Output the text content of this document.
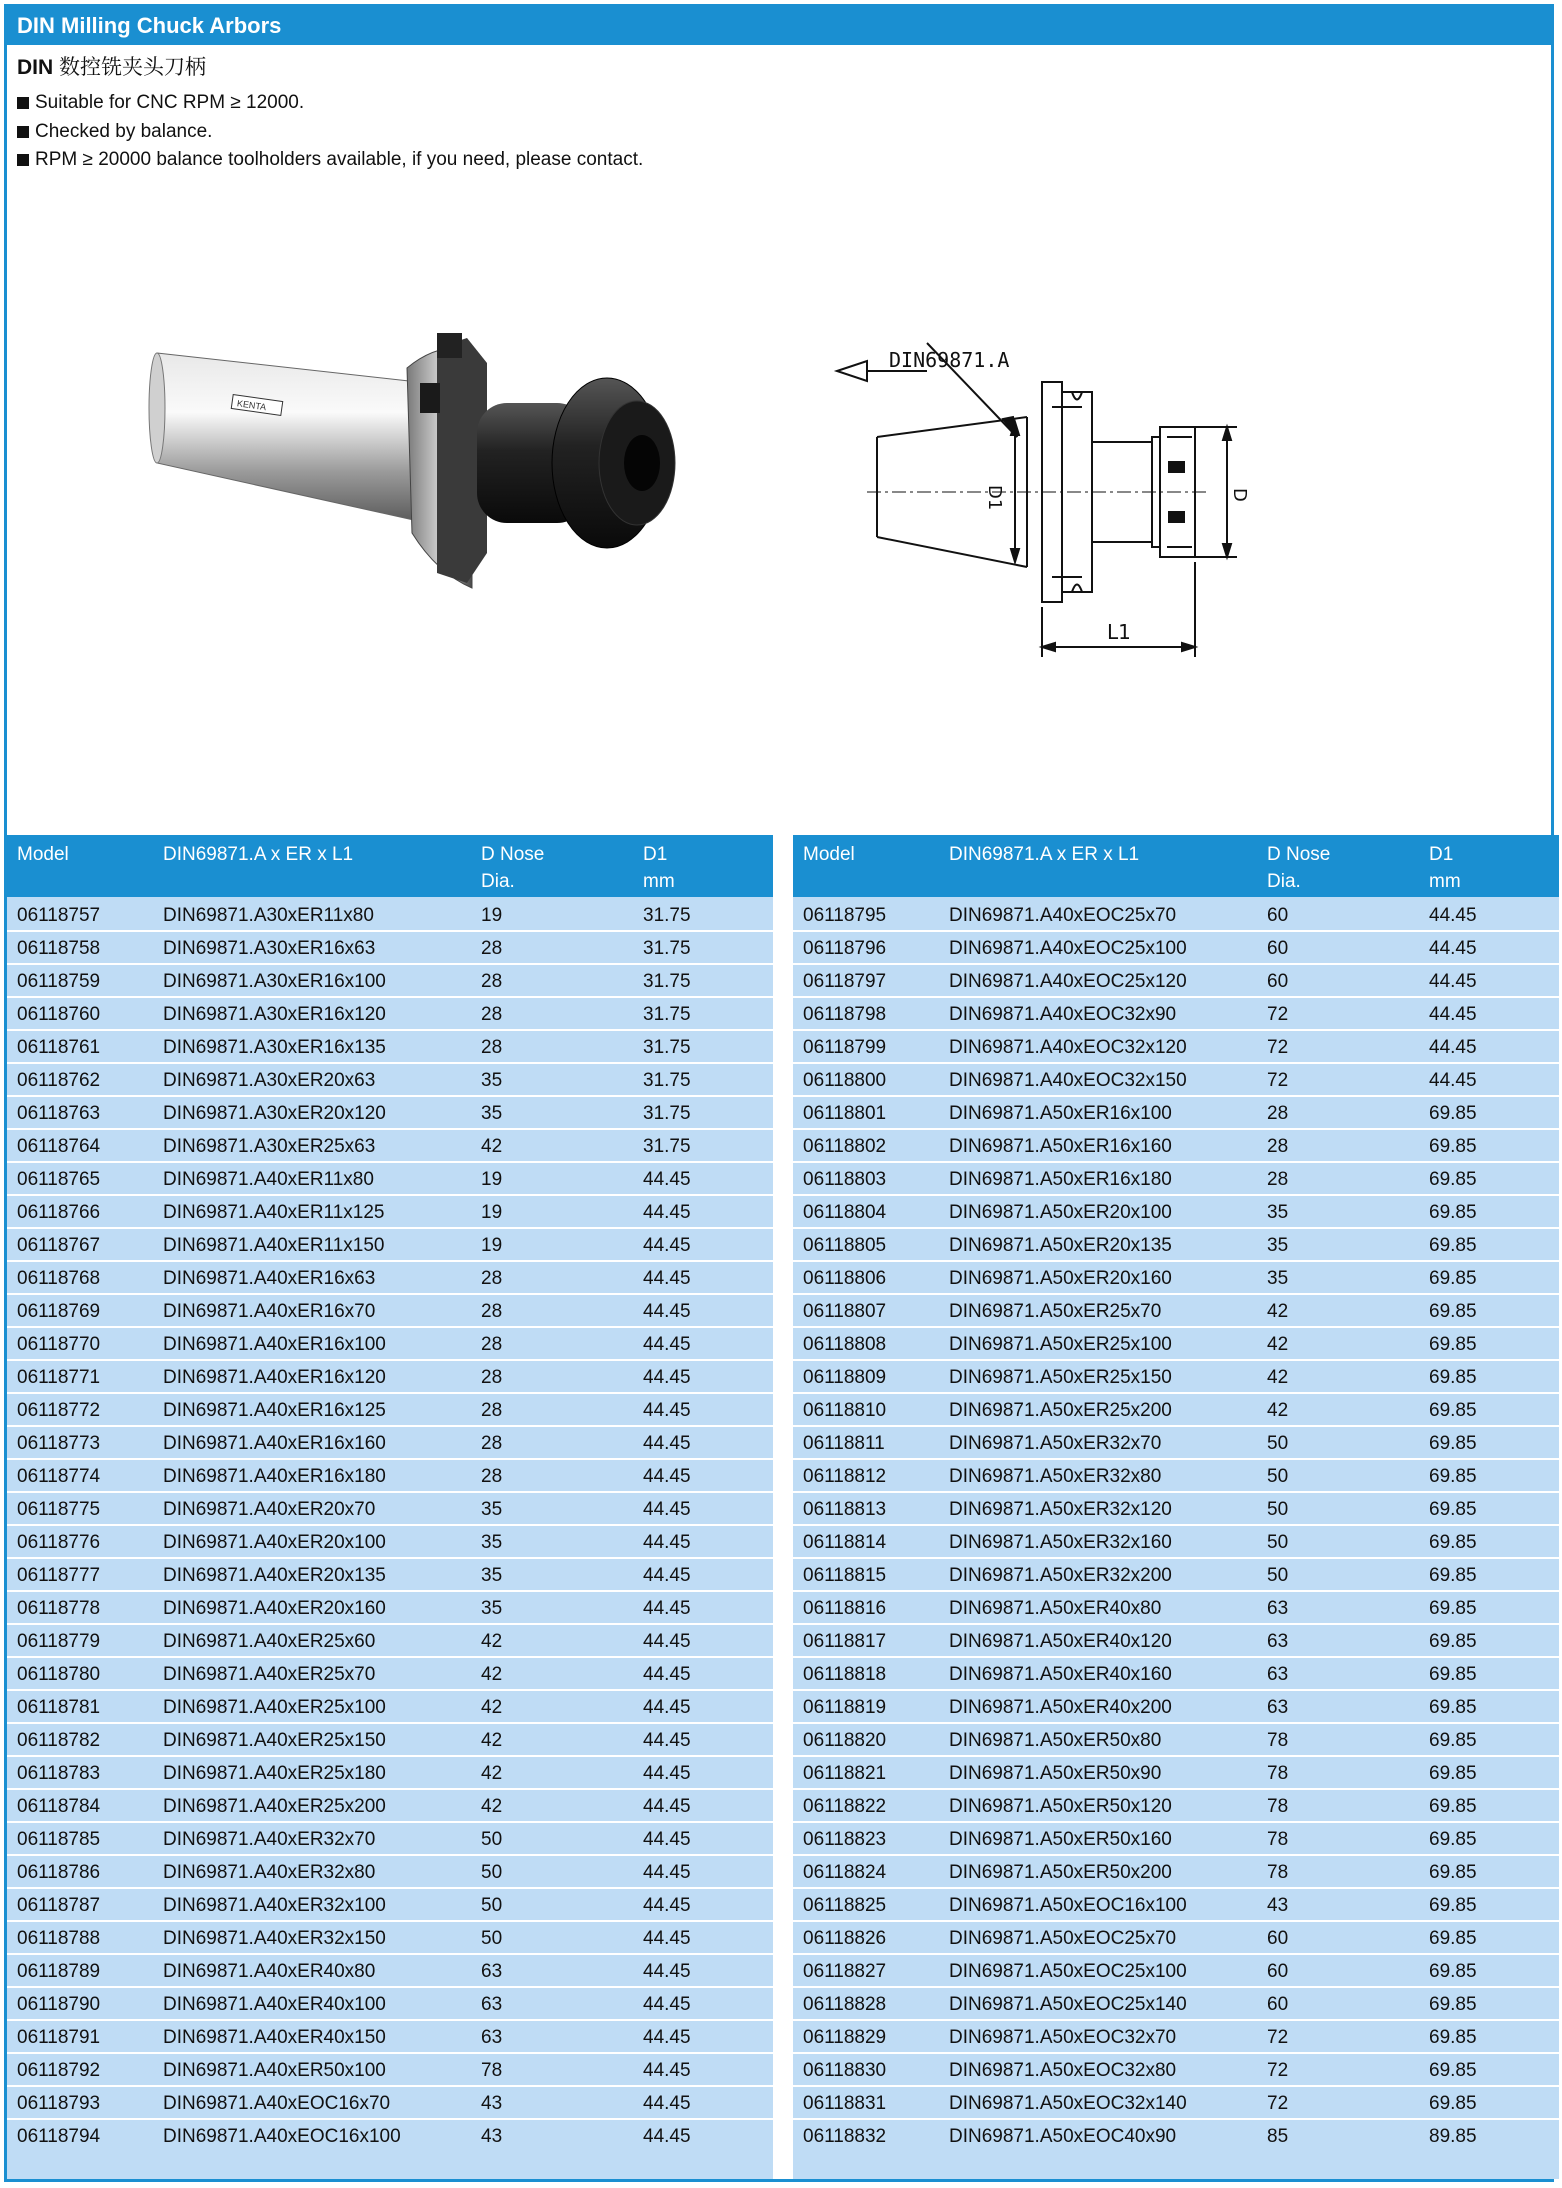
DIN Milling Chuck Arbors
DIN 数控铣夹头刀柄
Suitable for CNC RPM ≥ 12000.
Checked by balance.
RPM ≥ 20000 balance toolholders available, if you need, please contact.
KENTA
DIN69871.A
D1	D
L1
Model	DIN69871.A x ER x L1	D Nose
Dia.
D1
mm
06118757	DIN69871.A30xER11x80	19	31.75
06118758	DIN69871.A30xER16x63	28	31.75
06118759	DIN69871.A30xER16x100	28	31.75
06118760	DIN69871.A30xER16x120	28	31.75
06118761	DIN69871.A30xER16x135	28	31.75
06118762	DIN69871.A30xER20x63	35	31.75
06118763	DIN69871.A30xER20x120	35	31.75
06118764	DIN69871.A30xER25x63	42	31.75
06118765	DIN69871.A40xER11x80	19	44.45
06118766	DIN69871.A40xER11x125	19	44.45
06118767	DIN69871.A40xER11x150	19	44.45
06118768	DIN69871.A40xER16x63	28	44.45
06118769	DIN69871.A40xER16x70	28	44.45
06118770	DIN69871.A40xER16x100	28	44.45
06118771	DIN69871.A40xER16x120	28	44.45
06118772	DIN69871.A40xER16x125	28	44.45
06118773	DIN69871.A40xER16x160	28	44.45
06118774	DIN69871.A40xER16x180	28	44.45
06118775	DIN69871.A40xER20x70	35	44.45
06118776	DIN69871.A40xER20x100	35	44.45
06118777	DIN69871.A40xER20x135	35	44.45
06118778	DIN69871.A40xER20x160	35	44.45
06118779	DIN69871.A40xER25x60	42	44.45
06118780	DIN69871.A40xER25x70	42	44.45
06118781	DIN69871.A40xER25x100	42	44.45
06118782	DIN69871.A40xER25x150	42	44.45
06118783	DIN69871.A40xER25x180	42	44.45
06118784	DIN69871.A40xER25x200	42	44.45
06118785	DIN69871.A40xER32x70	50	44.45
06118786	DIN69871.A40xER32x80	50	44.45
06118787	DIN69871.A40xER32x100	50	44.45
06118788	DIN69871.A40xER32x150	50	44.45
06118789	DIN69871.A40xER40x80	63	44.45
06118790	DIN69871.A40xER40x100	63	44.45
06118791	DIN69871.A40xER40x150	63	44.45
06118792	DIN69871.A40xER50x100	78	44.45
06118793	DIN69871.A40xEOC16x70	43	44.45
06118794	DIN69871.A40xEOC16x100	43	44.45
Model	DIN69871.A x ER x L1	D Nose
Dia.
D1
mm
06118795	DIN69871.A40xEOC25x70	60	44.45
06118796	DIN69871.A40xEOC25x100	60	44.45
06118797	DIN69871.A40xEOC25x120	60	44.45
06118798	DIN69871.A40xEOC32x90	72	44.45
06118799	DIN69871.A40xEOC32x120	72	44.45
06118800	DIN69871.A40xEOC32x150	72	44.45
06118801	DIN69871.A50xER16x100	28	69.85
06118802	DIN69871.A50xER16x160	28	69.85
06118803	DIN69871.A50xER16x180	28	69.85
06118804	DIN69871.A50xER20x100	35	69.85
06118805	DIN69871.A50xER20x135	35	69.85
06118806	DIN69871.A50xER20x160	35	69.85
06118807	DIN69871.A50xER25x70	42	69.85
06118808	DIN69871.A50xER25x100	42	69.85
06118809	DIN69871.A50xER25x150	42	69.85
06118810	DIN69871.A50xER25x200	42	69.85
06118811	DIN69871.A50xER32x70	50	69.85
06118812	DIN69871.A50xER32x80	50	69.85
06118813	DIN69871.A50xER32x120	50	69.85
06118814	DIN69871.A50xER32x160	50	69.85
06118815	DIN69871.A50xER32x200	50	69.85
06118816	DIN69871.A50xER40x80	63	69.85
06118817	DIN69871.A50xER40x120	63	69.85
06118818	DIN69871.A50xER40x160	63	69.85
06118819	DIN69871.A50xER40x200	63	69.85
06118820	DIN69871.A50xER50x80	78	69.85
06118821	DIN69871.A50xER50x90	78	69.85
06118822	DIN69871.A50xER50x120	78	69.85
06118823	DIN69871.A50xER50x160	78	69.85
06118824	DIN69871.A50xER50x200	78	69.85
06118825	DIN69871.A50xEOC16x100	43	69.85
06118826	DIN69871.A50xEOC25x70	60	69.85
06118827	DIN69871.A50xEOC25x100	60	69.85
06118828	DIN69871.A50xEOC25x140	60	69.85
06118829	DIN69871.A50xEOC32x70	72	69.85
06118830	DIN69871.A50xEOC32x80	72	69.85
06118831	DIN69871.A50xEOC32x140	72	69.85
06118832	DIN69871.A50xEOC40x90	85	89.85
